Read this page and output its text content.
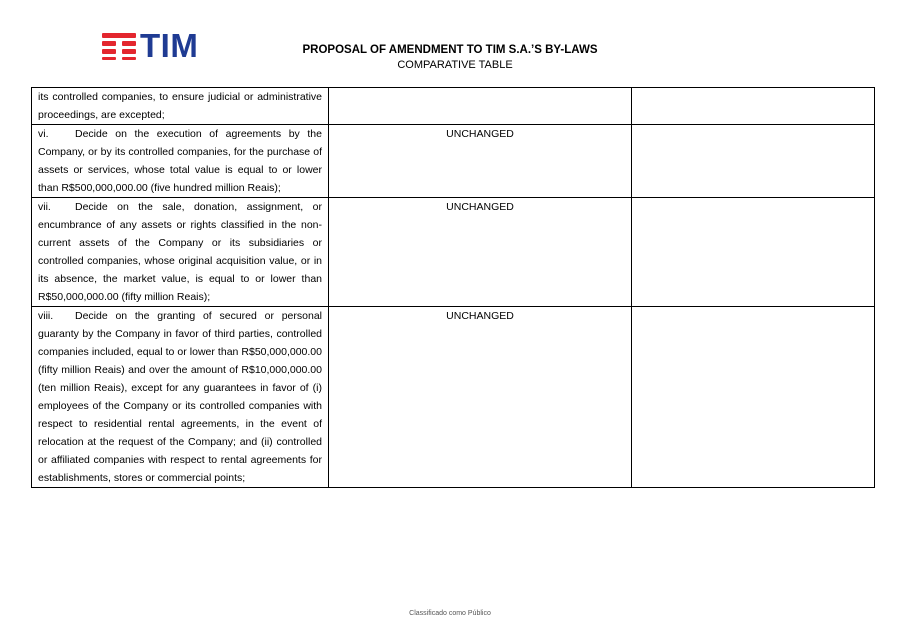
TIM	PROPOSAL OF AMENDMENT TO TIM S.A.’S BY-LAWS
COMPARATIVE TABLE
its controlled companies, to ensure judicial or administrative proceedings, are excepted;		
vi. Decide on the execution of agreements by the Company, or by its controlled companies, for the purchase of assets or services, whose total value is equal to or lower than R$500,000,000.00 (five hundred million Reais);	UNCHANGED	
vii. Decide on the sale, donation, assignment, or encumbrance of any assets or rights classified in the non-current assets of the Company or its subsidiaries or controlled companies, whose original acquisition value, or in its absence, the market value, is equal to or lower than R$50,000,000.00 (fifty million Reais);	UNCHANGED	
viii. Decide on the granting of secured or personal guaranty by the Company in favor of third parties, controlled companies included, equal to or lower than R$50,000,000.00 (fifty million Reais) and over the amount of R$10,000,000.00 (ten million Reais), except for any guarantees in favor of (i) employees of the Company or its controlled companies with respect to residential rental agreements, in the event of relocation at the request of the Company; and (ii) controlled or affiliated companies with respect to rental agreements for establishments, stores or commercial points;	UNCHANGED	
Classificado como Público
